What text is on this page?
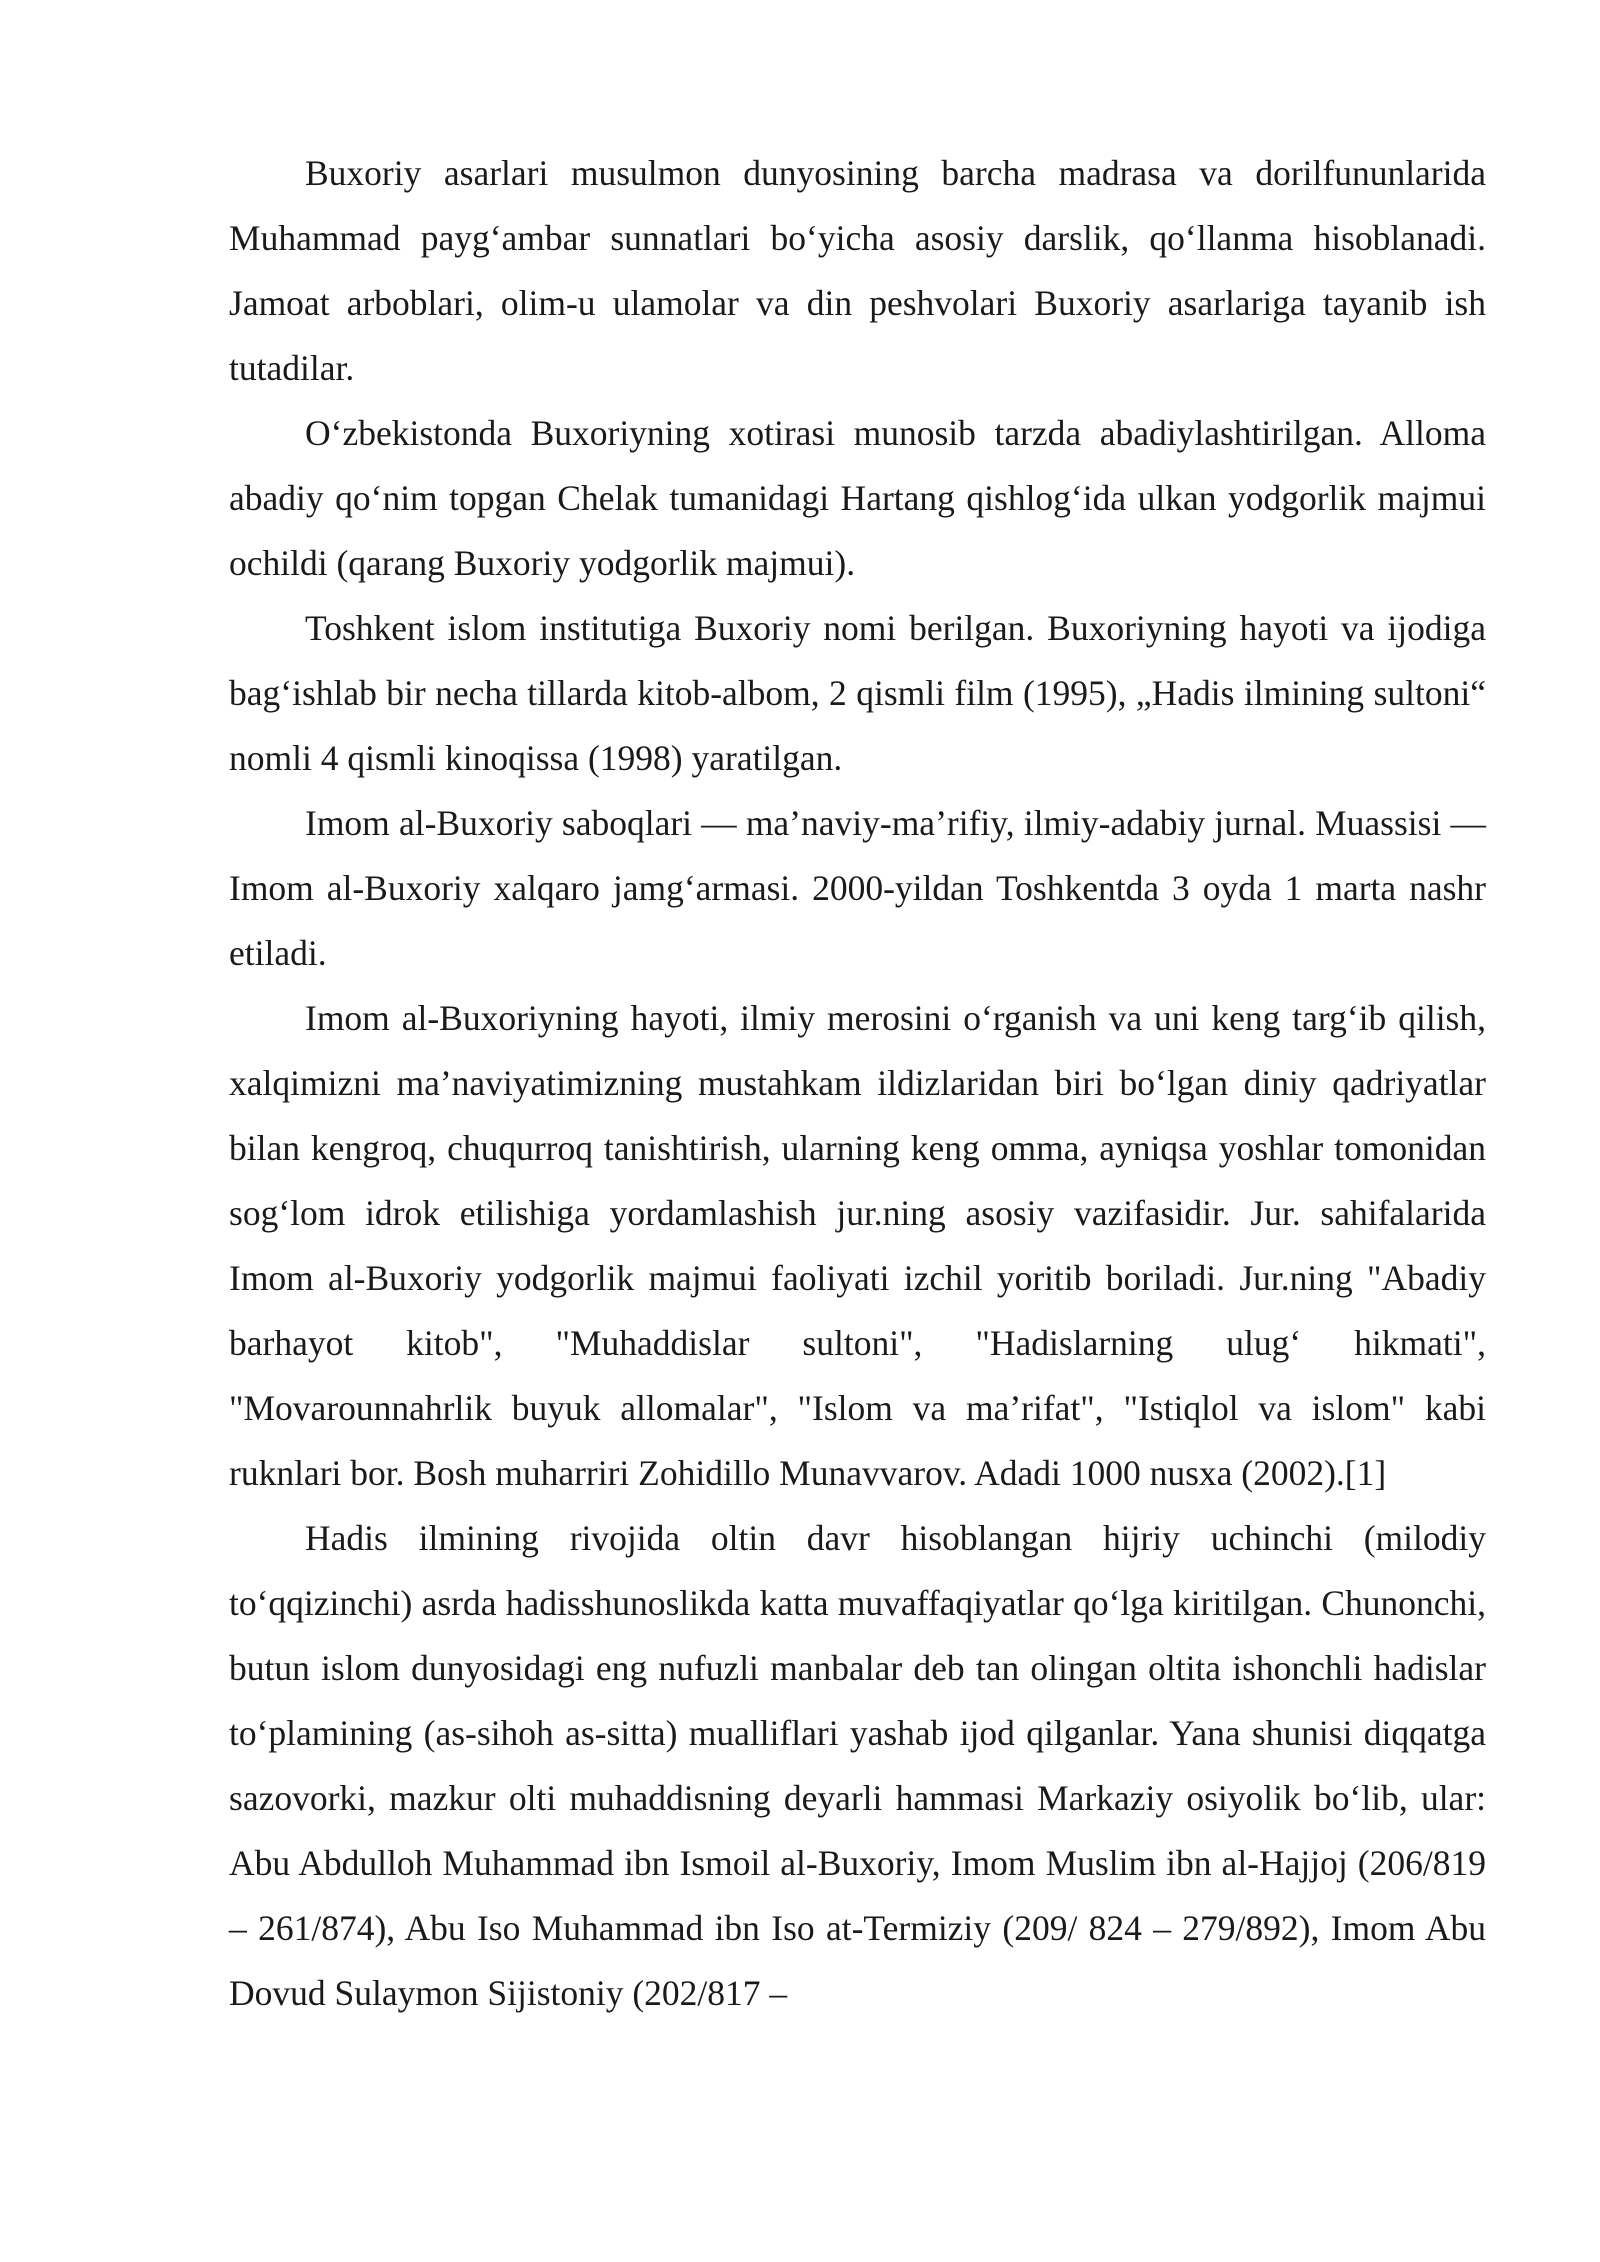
Buxoriy asarlari musulmon dunyosining barcha madrasa va dorilfununlarida Muhammad payg‘ambar sunnatlari bo‘yicha asosiy darslik, qo‘llanma hisoblanadi. Jamoat arboblari, olim-u ulamolar va din peshvolari Buxoriy asarlariga tayanib ish tutadilar.

O‘zbekistonda Buxoriyning xotirasi munosib tarzda abadiylashtirilgan. Alloma abadiy qo‘nim topgan Chelak tumanidagi Hartang qishlog‘ida ulkan yodgorlik majmui ochildi (qarang Buxoriy yodgorlik majmui).

Toshkent islom institutiga Buxoriy nomi berilgan. Buxoriyning hayoti va ijodiga bag‘ishlab bir necha tillarda kitob-albom, 2 qismli film (1995), „Hadis ilmining sultoni“ nomli 4 qismli kinoqissa (1998) yaratilgan.

Imom al-Buxoriy saboqlari — ma’naviy-ma’rifiy, ilmiy-adabiy jurnal. Muassisi — Imom al-Buxoriy xalqaro jamg‘armasi. 2000-yildan Toshkentda 3 oyda 1 marta nashr etiladi.

Imom al-Buxoriyning hayoti, ilmiy merosini o‘rganish va uni keng targ‘ib qilish, xalqimizni ma’naviyatimizning mustahkam ildizlaridan biri bo‘lgan diniy qadriyatlar bilan kengroq, chuqurroq tanishtirish, ularning keng omma, ayniqsa yoshlar tomonidan sog‘lom idrok etilishiga yordamlashish jur.ning asosiy vazifasidir. Jur. sahifalarida Imom al-Buxoriy yodgorlik majmui faoliyati izchil yoritib boriladi. Jur.ning "Abadiy barhayot kitob", "Muhaddislar sultoni", "Hadislarning ulug‘ hikmati", "Movarounnahrlik buyuk allomalar", "Islom va ma’rifat", "Istiqlol va islom" kabi ruknlari bor. Bosh muharriri Zohidillo Munavvarov. Adadi 1000 nusxa (2002).[1]

Hadis ilmining rivojida oltin davr hisoblangan hijriy uchinchi (milodiy to‘qqizinchi) asrda hadisshunoslikda katta muvaffaqiyatlar qo‘lga kiritilgan. Chunonchi, butun islom dunyosidagi eng nufuzli manbalar deb tan olingan oltita ishonchli hadislar to‘plamining (as-sihoh as-sitta) mualliflari yashab ijod qilganlar. Yana shunisi diqqatga sazovorki, mazkur olti muhaddisning deyarli hammasi Markaziy osiyolik bo‘lib, ular: Abu Abdulloh Muhammad ibn Ismoil al-Buxoriy, Imom Muslim ibn al-Hajjoj (206/819 – 261/874), Abu Iso Muhammad ibn Iso at-Termiziy (209/ 824 – 279/892), Imom Abu Dovud Sulaymon Sijistoniy (202/817 –
